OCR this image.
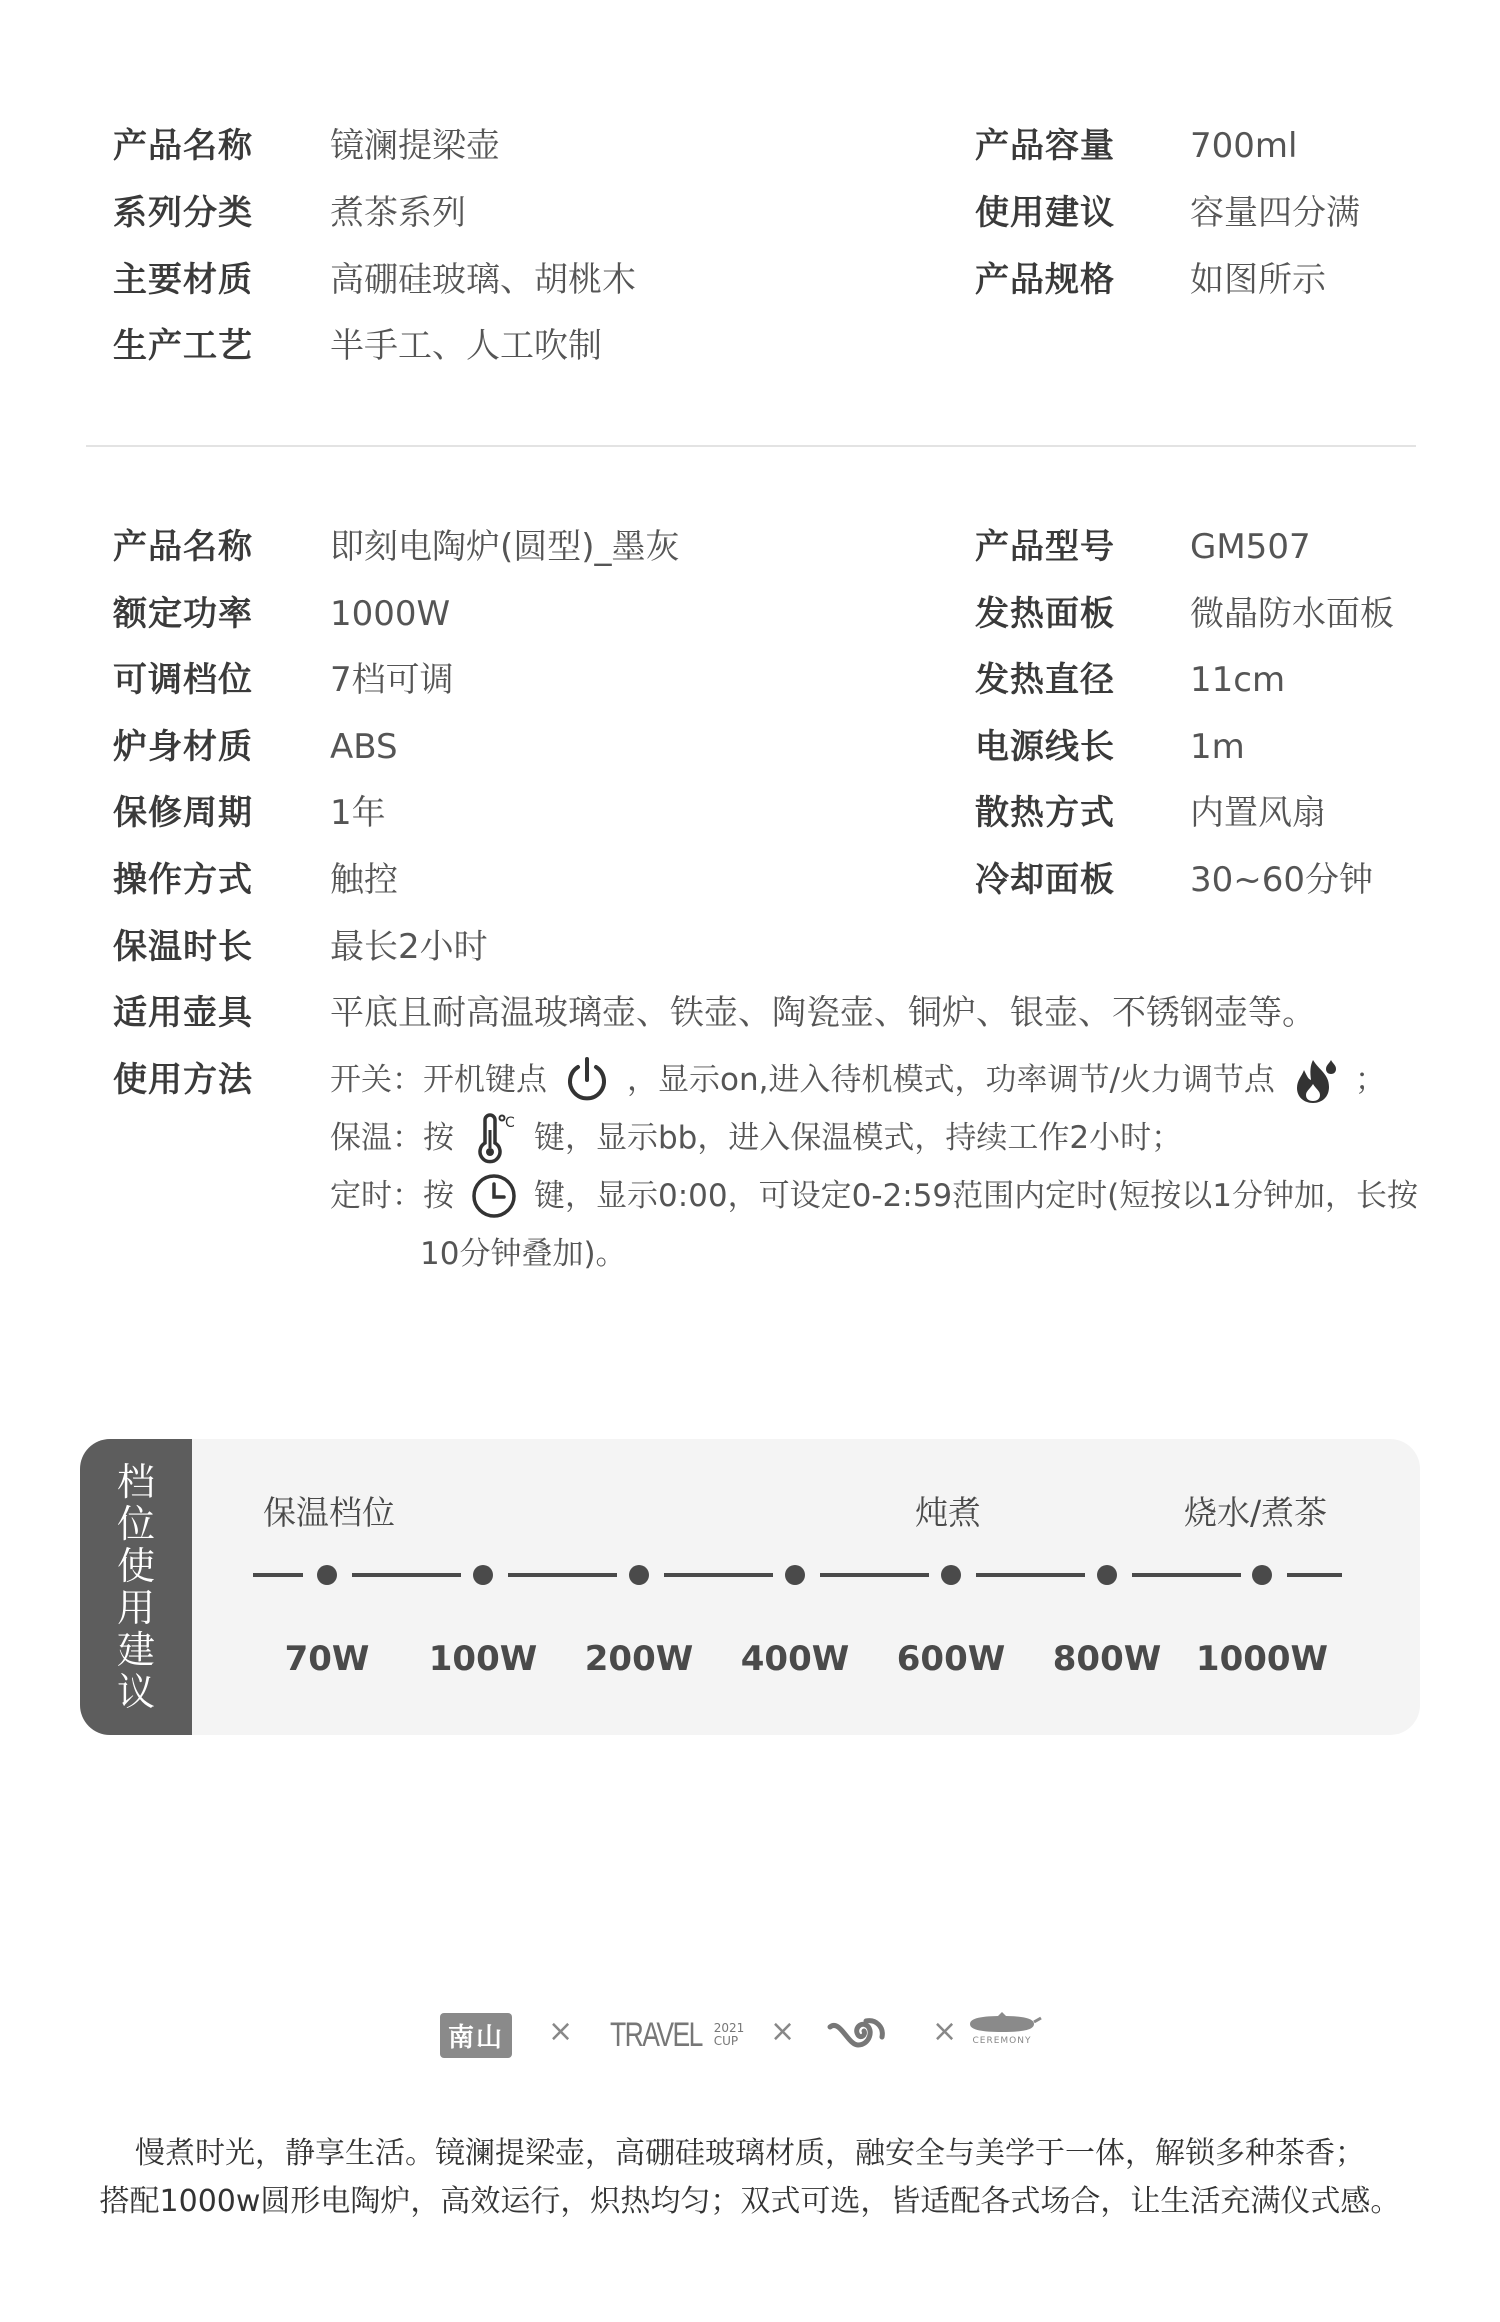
产品名称 镜澜提梁壶	产品容量 700ml
系列分类 煮茶系列	使用建议 容量四分满
主要材质 高硼硅玻璃、胡桃木	产品规格 如图所示
生产工艺 半手工、人工吹制
产品名称 即刻电陶炉(圆型)_墨灰	产品型号 GM507
额定功率 1000W	发热面板 微晶防水面板
可调档位 7档可调	发热直径 11cm
炉身材质 ABS	电源线长 1m
保修周期 1年	散热方式 内置风扇
操作方式 触控	冷却面板 30~60分钟
保温时长 最长2小时
适用壶具 平底且耐高温玻璃壶、铁壶、陶瓷壶、铜炉、银壶、不锈钢壶等。
使用方法 开关：开机键点	，显示on,进入待机模式，功率调节/火力调节点	；
保温：按	C 键，显示bb，进入保温模式，持续工作2小时；
定时：按	键，显示0:00，可设定0-2:59范围内定时(短按以1分钟加，长按
10分钟叠加)。
档
位
使
用
建
议
保温档位	炖煮	烧水/煮茶
70W 100W 200W 400W 600W 800W 1000W
南山 × TRAVEL 2021
CUP ×	× CEREMONY

慢煮时光，静享生活。镜澜提梁壶，高硼硅玻璃材质，融安全与美学于一体，解锁多种茶香；

搭配1000w圆形电陶炉，高效运行，炽热均匀；双式可选，皆适配各式场合，让生活充满仪式感。
